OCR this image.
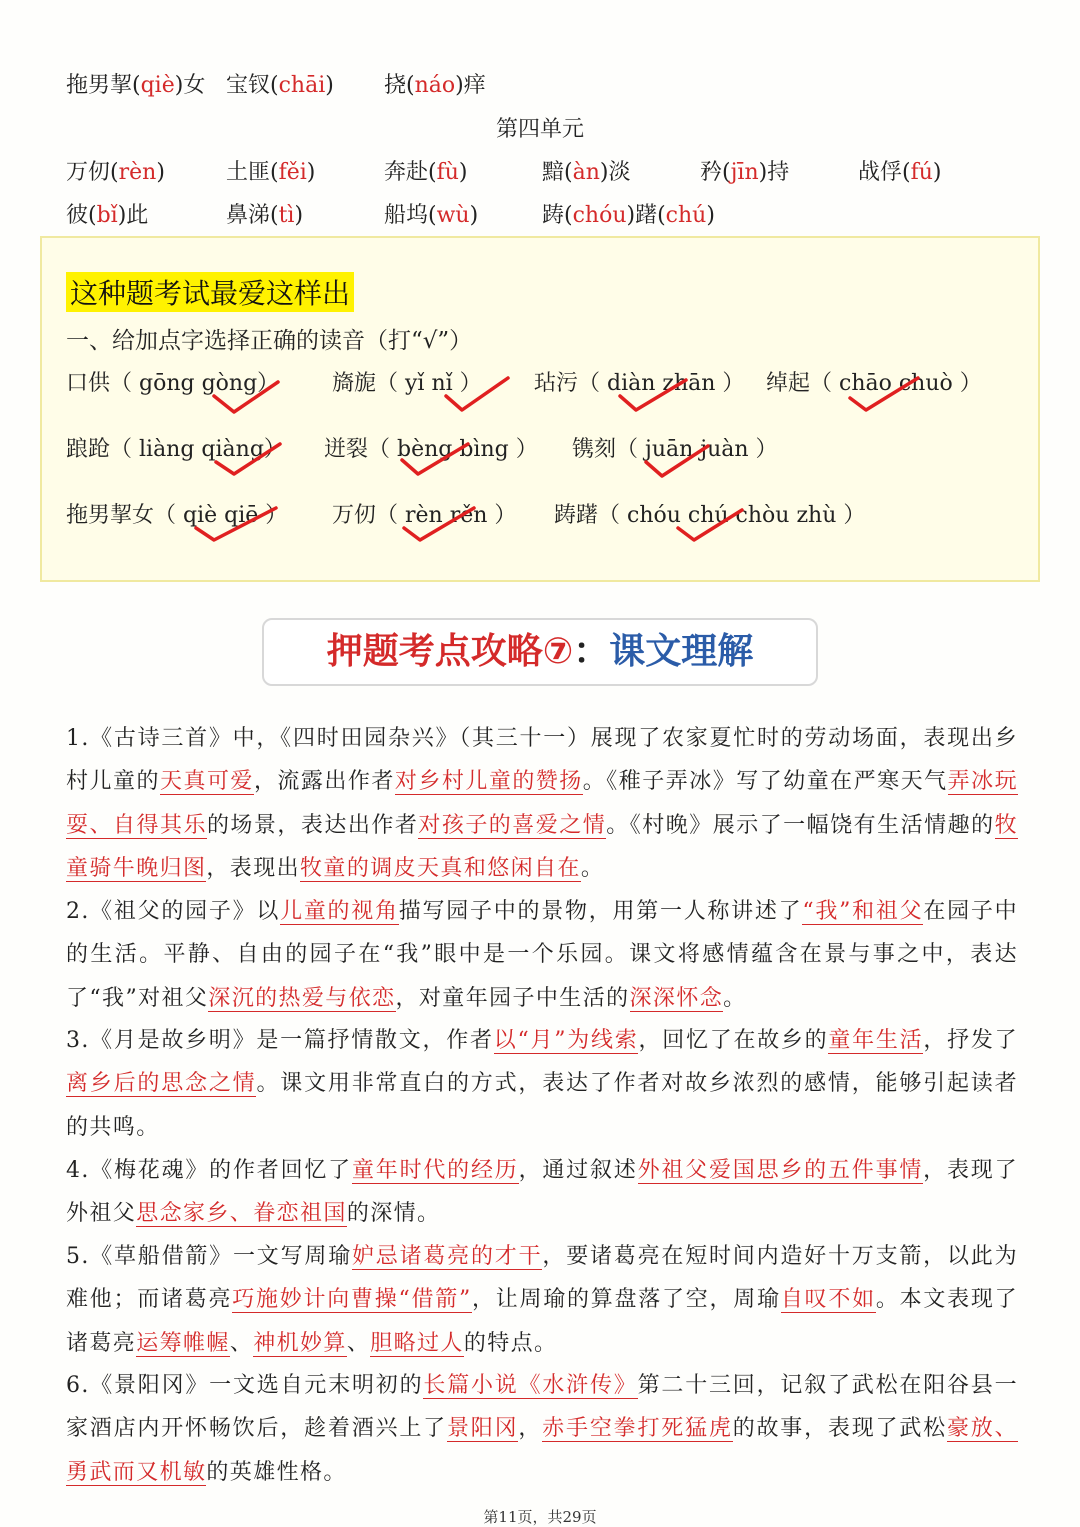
拖男挈(qiè)女 宝钗(chāi) 挠(náo)痒
第四单元
万仞(rèn)	土匪(fěi)	奔赴(fù)	黯(àn)淡	矜(jīn)持	战俘(fú)
彼(bǐ)此	鼻涕(tì)	船坞(wù)	踌(chóu)躇(chú)
这种题考试最爱这样出
一、给加点字选择正确的读音（打“√”）
口供（ gōng gòng） 旖旎（ yǐ nǐ ） 玷污（ diàn zhān ） 绰起（ chāo chuò ）
踉跄（ liàng qiàng） 迸裂（ bèng bìng ） 镌刻（ juān juàn ）
拖男挈女（ qiè qiē ） 万仞（ rèn rěn ） 踌躇（ chóu chú chòu zhù ）
押题考点攻略⑦：课文理解
1.《古诗三首》中，《四时田园杂兴》（其三十一）展现了农家夏忙时的劳动场面，表现出乡村儿童的天真可爱，流露出作者对乡村儿童的赞扬。《稚子弄冰》写了幼童在严寒天气弄冰玩耍、自得其乐的场景，表达出作者对孩子的喜爱之情。《村晚》展示了一幅饶有生活情趣的牧童骑牛晚归图，表现出牧童的调皮天真和悠闲自在。
2.《祖父的园子》以儿童的视角描写园子中的景物，用第一人称讲述了“我”和祖父在园子中的生活。平静、自由的园子在“我”眼中是一个乐园。课文将感情蕴含在景与事之中，表达了“我”对祖父深沉的热爱与依恋，对童年园子中生活的深深怀念。
3.《月是故乡明》是一篇抒情散文，作者以“月”为线索，回忆了在故乡的童年生活，抒发了离乡后的思念之情。课文用非常直白的方式，表达了作者对故乡浓烈的感情，能够引起读者的共鸣。
4.《梅花魂》的作者回忆了童年时代的经历，通过叙述外祖父爱国思乡的五件事情，表现了外祖父思念家乡、眷恋祖国的深情。
5.《草船借箭》一文写周瑜妒忌诸葛亮的才干，要诸葛亮在短时间内造好十万支箭，以此为难他；而诸葛亮巧施妙计向曹操“借箭”，让周瑜的算盘落了空，周瑜自叹不如。本文表现了诸葛亮运筹帷幄、神机妙算、胆略过人的特点。
6.《景阳冈》一文选自元末明初的长篇小说《水浒传》第二十三回，记叙了武松在阳谷县一家酒店内开怀畅饮后，趁着酒兴上了景阳冈，赤手空拳打死猛虎的故事，表现了武松豪放、勇武而又机敏的英雄性格。
第11页，共29页
